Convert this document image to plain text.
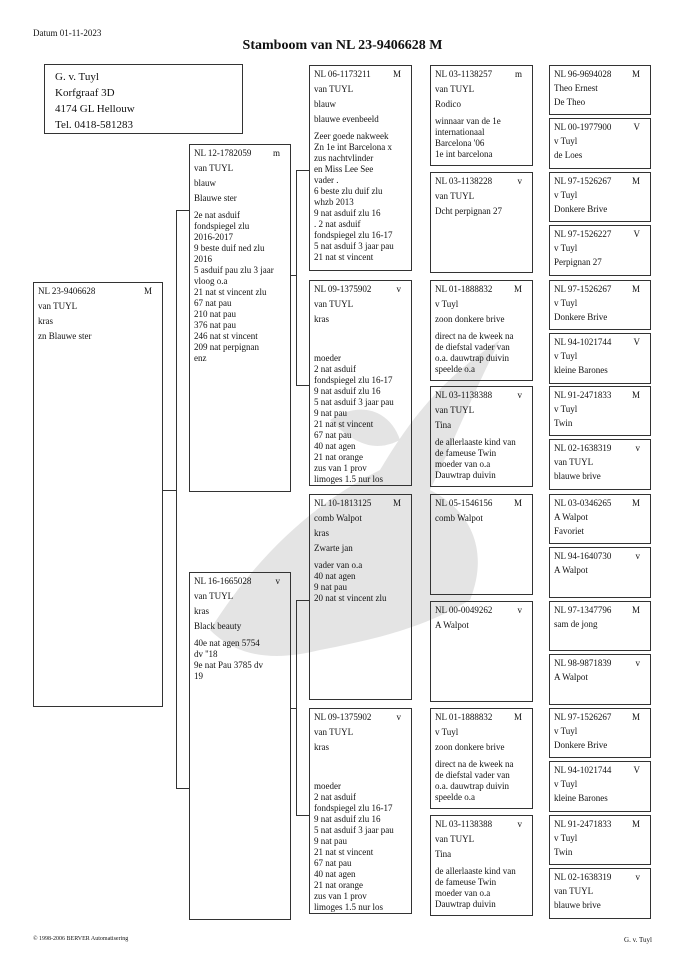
Datum 01-11-2023
Stamboom van NL 23-9406628 M
G. v. Tuyl
Korfgraaf 3D
4174 GL Hellouw
Tel. 0418-581283
NL 23-9406628	M
van TUYL
kras
zn Blauwe ster
NL 12-1782059 m
van TUYL
blauw
Blauwe ster
2e nat asduif
fondspiegel zlu
2016-2017
9 beste duif ned zlu
2016
5 asduif pau zlu 3 jaar
vloog o.a
21 nat st vincent zlu
67 nat pau
210 nat pau
376 nat pau
246 nat st vincent
209 nat perpignan
enz
NL 16-1665028	v
van TUYL
kras
Black beauty
40e nat agen 5754
dv ''18
9e nat Pau 3785 dv
19
NL 06-1173211 M
van TUYL
blauw
blauwe evenbeeld
Zeer goede nakweek
Zn 1e int Barcelona x
zus nachtvlinder
en Miss Lee See
vader .
6 beste zlu duif zlu
whzb 2013
9 nat asduif zlu 16
. 2 nat asduif
fondspiegel zlu 16-17
5 nat asduif 3 jaar pau
21 nat st vincent
NL 09-1375902	v
van TUYL
kras
moeder
2 nat asduif
fondspiegel zlu 16-17
9 nat asduif zlu 16
5 nat asduif 3 jaar pau
9 nat pau
21 nat st vincent
67 nat pau
40 nat agen
21 nat orange
zus van 1 prov
limoges 1.5 nur los
NL 10-1813125 M
comb Walpot
kras
Zwarte jan
vader van o.a
40 nat agen
9 nat pau
20 nat st vincent zlu
NL 09-1375902	v
van TUYL
kras
moeder
2 nat asduif
fondspiegel zlu 16-17
9 nat asduif zlu 16
5 nat asduif 3 jaar pau
9 nat pau
21 nat st vincent
67 nat pau
40 nat agen
21 nat orange
zus van 1 prov
limoges 1.5 nur los
NL 03-1138257	m
van TUYL
Rodico
winnaar van de 1e
internationaal
Barcelona '06
1e int barcelona
NL 03-1138228	v
van TUYL
Dcht perpignan 27
NL 01-1888832 M
v Tuyl
zoon donkere brive
direct na de kweek na
de diefstal vader van
o.a. dauwtrap duivin
speelde o.a
NL 03-1138388	v
van TUYL
Tina
de allerlaaste kind van
de fameuse Twin
moeder van o.a
Dauwtrap duivin
NL 05-1546156 M
comb Walpot
NL 00-0049262	v
A Walpot
NL 01-1888832 M
v Tuyl
zoon donkere brive
direct na de kweek na
de diefstal vader van
o.a. dauwtrap duivin
speelde o.a
NL 03-1138388	v
van TUYL
Tina
de allerlaaste kind van
de fameuse Twin
moeder van o.a
Dauwtrap duivin
NL 96-9694028 M
Theo Ernest
De Theo
NL 00-1977900 V
v Tuyl
de Loes
NL 97-1526267 M
v Tuyl
Donkere Brive
NL 97-1526227 V
v Tuyl
Perpignan 27
NL 97-1526267 M
v Tuyl
Donkere Brive
NL 94-1021744 V
v Tuyl
kleine Barones
NL 91-2471833 M
v Tuyl
Twin
NL 02-1638319	v
van TUYL
blauwe brive
NL 03-0346265 M
A Walpot
Favoriet
NL 94-1640730	v
A Walpot
NL 97-1347796 M
sam de jong
NL 98-9871839	v
A Walpot
NL 97-1526267 M
v Tuyl
Donkere Brive
NL 94-1021744 V
v Tuyl
kleine Barones
NL 91-2471833 M
v Tuyl
Twin
NL 02-1638319	v
van TUYL
blauwe brive
© 1998-2006 BERVER Automatisering	G. v. Tuyl
